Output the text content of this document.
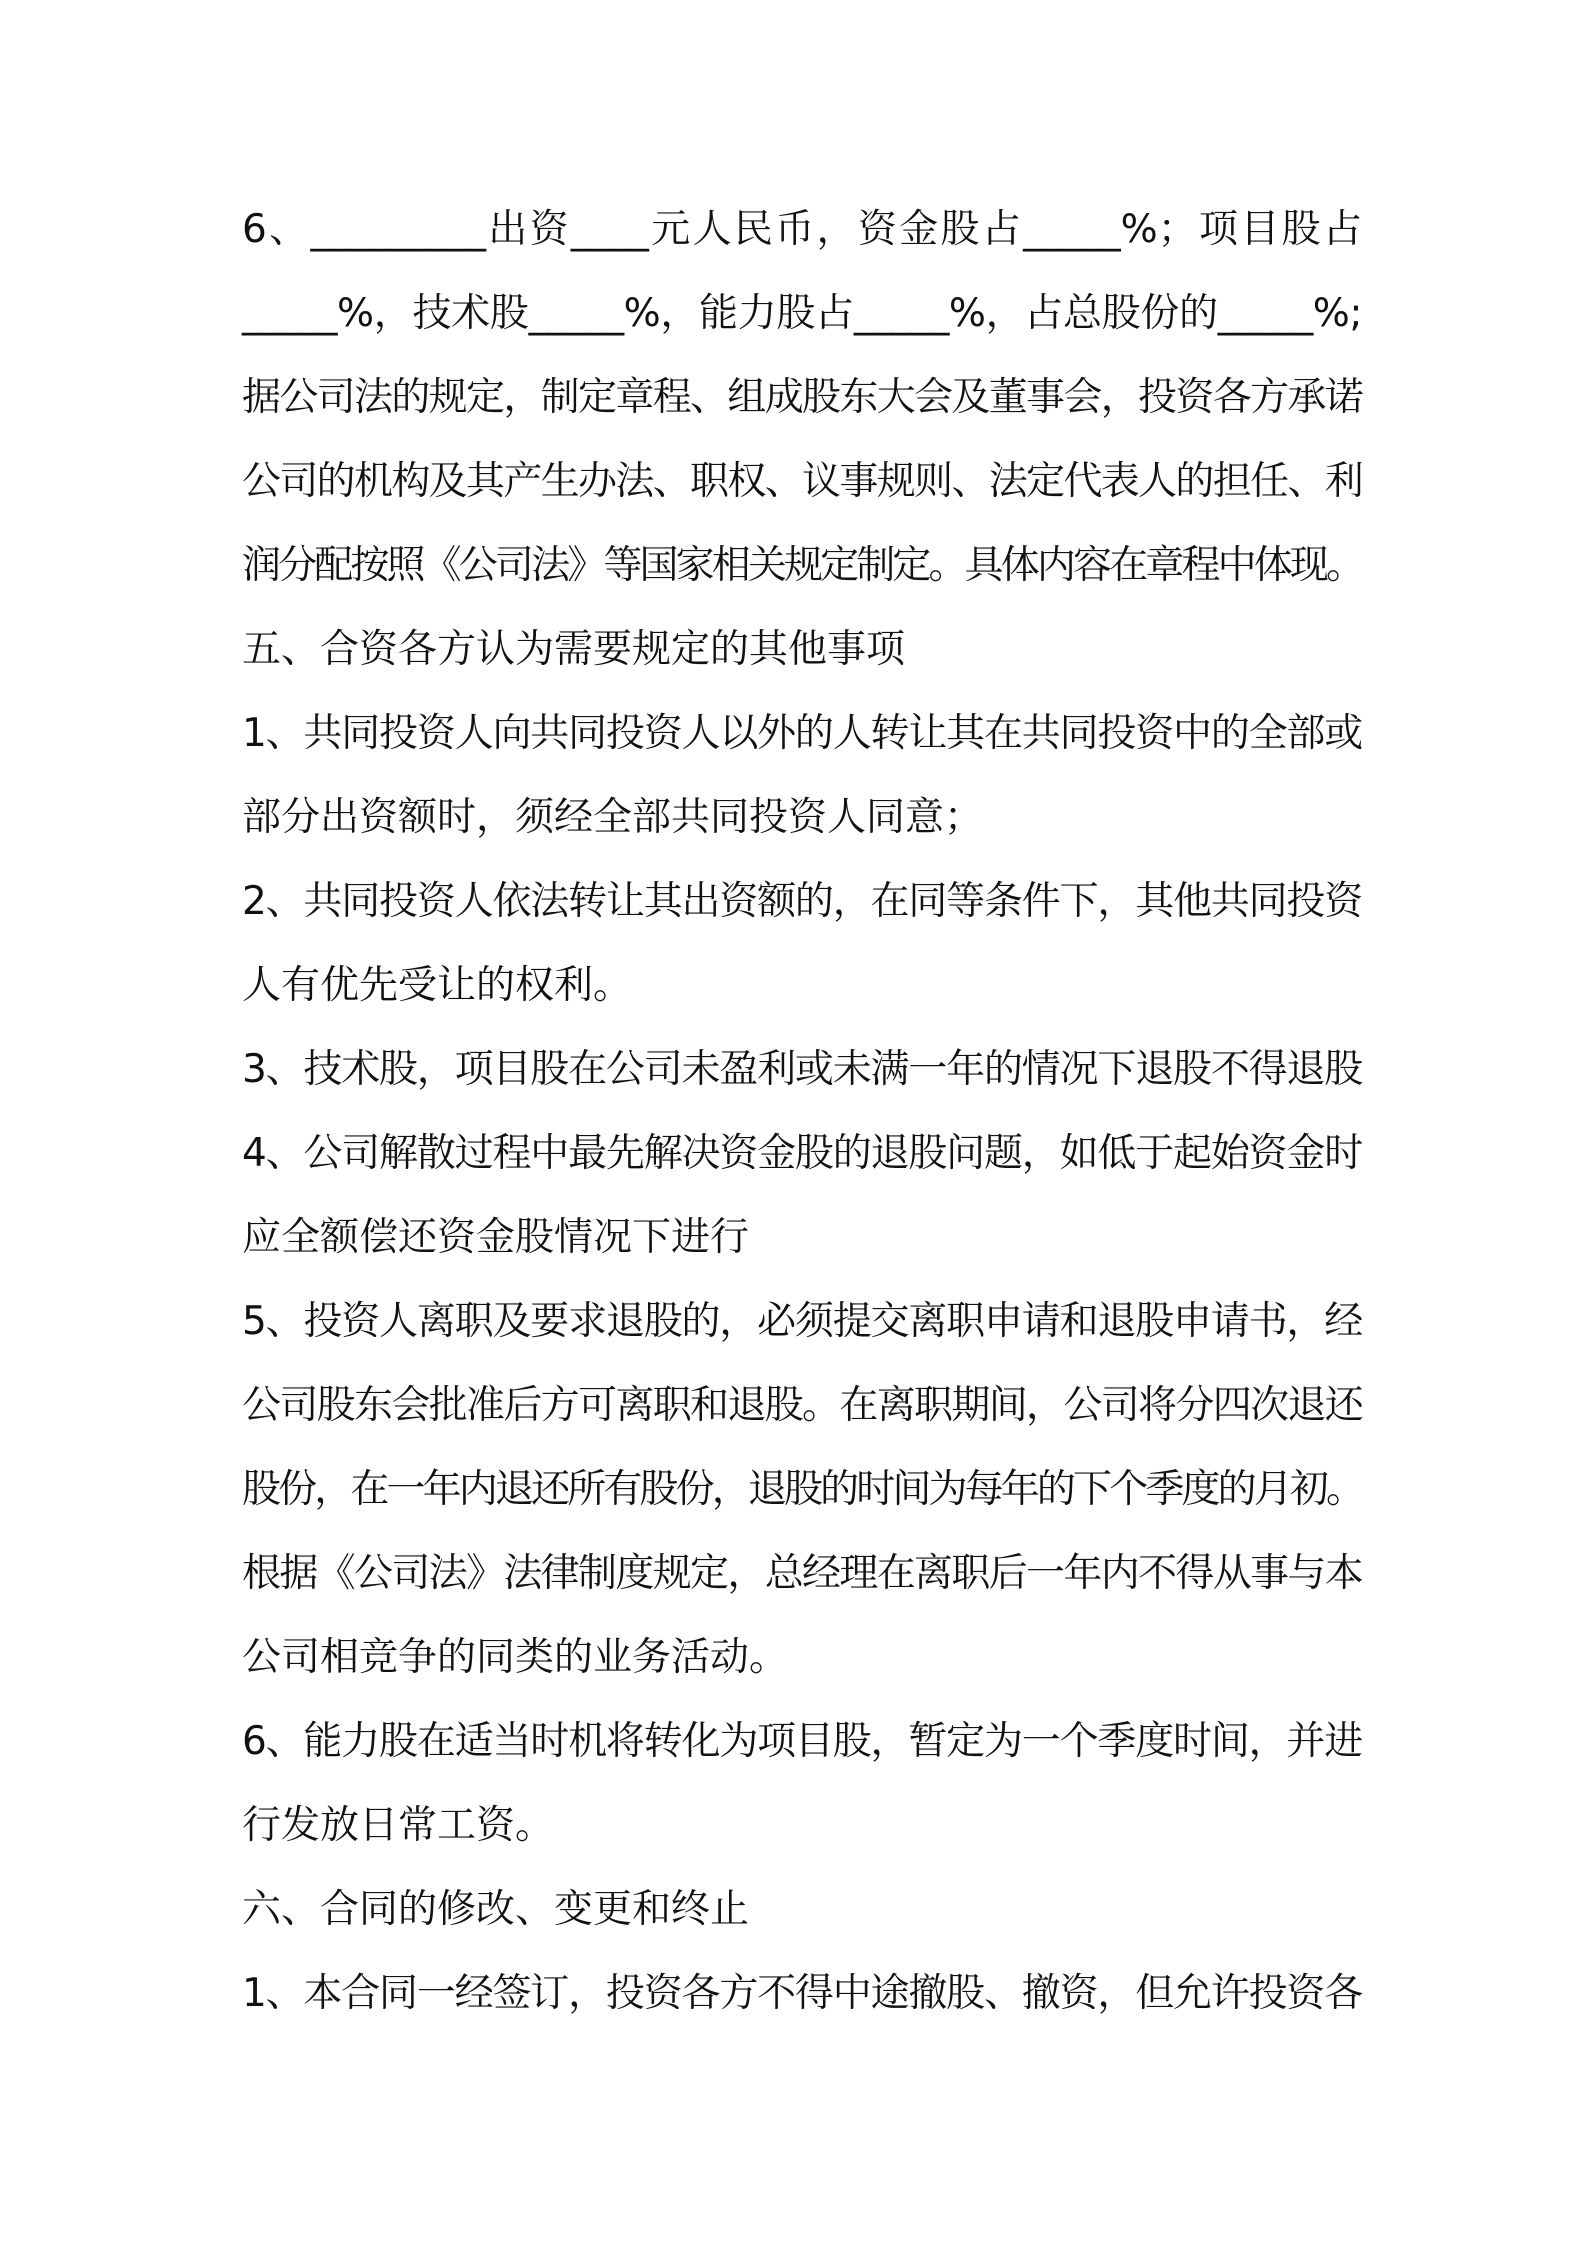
6、_________出资____元人民币，资金股占_____%；项目股占

_____%，技术股_____%，能力股占_____%，占总股份的_____%;

据公司法的规定，制定章程、组成股东大会及董事会，投资各方承诺

公司的机构及其产生办法、职权、议事规则、法定代表人的担任、利

润分配按照《公司法》等国家相关规定制定。具体内容在章程中体现。

五、合资各方认为需要规定的其他事项

1、共同投资人向共同投资人以外的人转让其在共同投资中的全部或

部分出资额时，须经全部共同投资人同意；

2、共同投资人依法转让其出资额的，在同等条件下，其他共同投资

人有优先受让的权利。

3、技术股，项目股在公司未盈利或未满一年的情况下退股不得退股

4、公司解散过程中最先解决资金股的退股问题，如低于起始资金时

应全额偿还资金股情况下进行

5、投资人离职及要求退股的，必须提交离职申请和退股申请书，经

公司股东会批准后方可离职和退股。在离职期间，公司将分四次退还

股份，在一年内退还所有股份，退股的时间为每年的下个季度的月初。

根据《公司法》法律制度规定，总经理在离职后一年内不得从事与本

公司相竞争的同类的业务活动。

6、能力股在适当时机将转化为项目股，暂定为一个季度时间，并进

行发放日常工资。

六、合同的修改、变更和终止

1、本合同一经签订，投资各方不得中途撤股、撤资，但允许投资各
